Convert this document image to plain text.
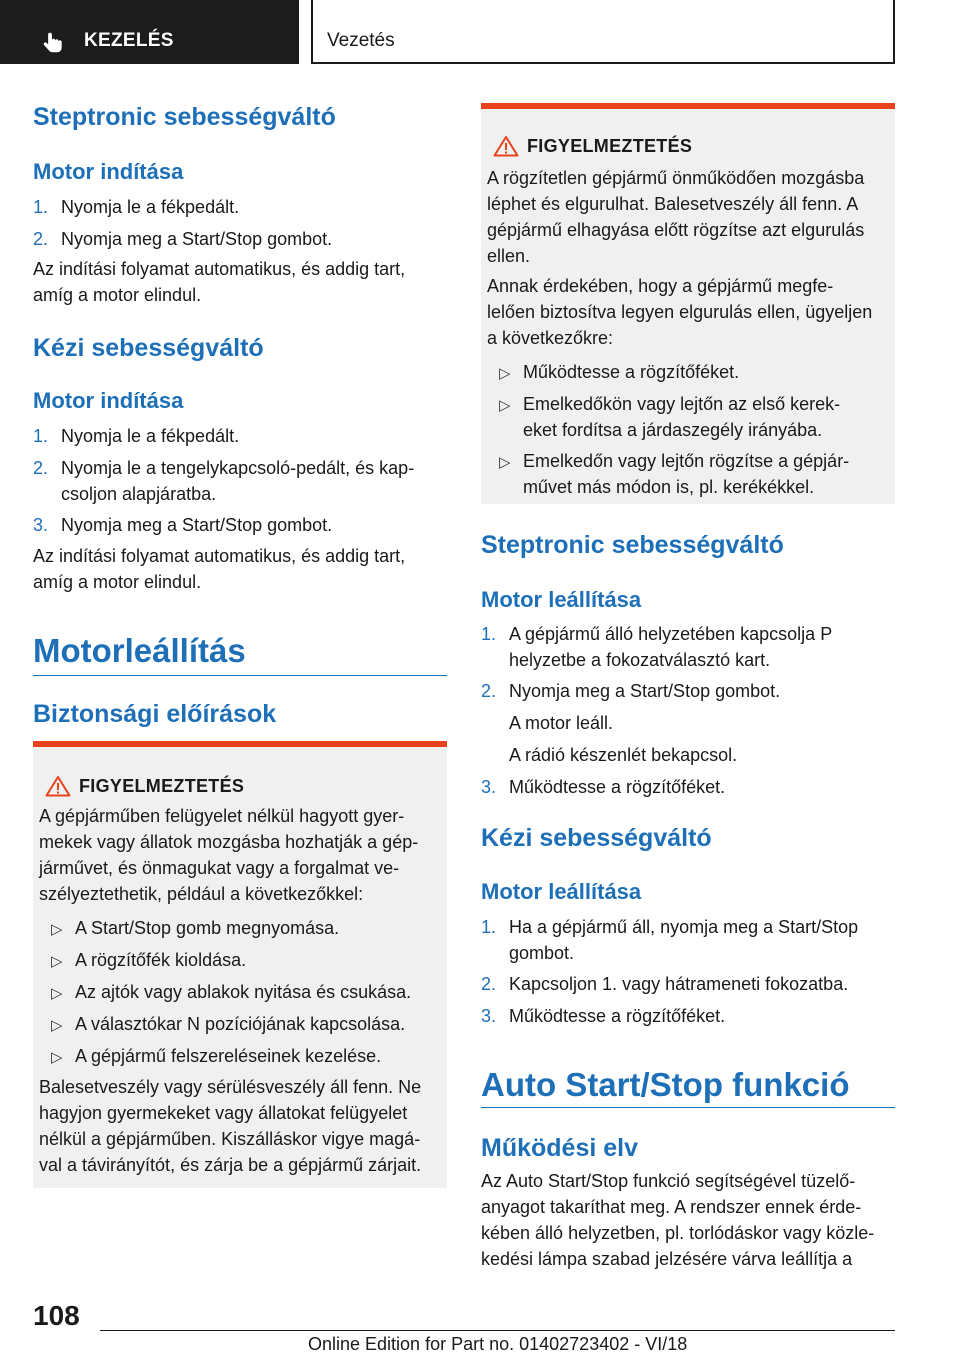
KEZELÉS	Vezetés
Steptronic sebességváltó
Motor indítása
1. Nyomja le a fékpedált.
2. Nyomja meg a Start/Stop gombot.
Az indítási folyamat automatikus, és addig tart,
amíg a motor elindul.
Kézi sebességváltó
Motor indítása
1. Nyomja le a fékpedált.
2. Nyomja le a tengelykapcsoló-pedált, és kap-
csoljon alapjáratba.
3. Nyomja meg a Start/Stop gombot.
Az indítási folyamat automatikus, és addig tart,
amíg a motor elindul.
Motorleállítás
Biztonsági előírások
FIGYELMEZTETÉS
A gépjárműben felügyelet nélkül hagyott gyer-
mekek vagy állatok mozgásba hozhatják a gép-
járművet, és önmagukat vagy a forgalmat ve-
szélyeztethetik, például a következőkkel:
▷ A Start/Stop gomb megnyomása.
▷ A rögzítőfék kioldása.
▷ Az ajtók vagy ablakok nyitása és csukása.
▷ A választókar N pozíciójának kapcsolása.
▷ A gépjármű felszereléseinek kezelése.
Balesetveszély vagy sérülésveszély áll fenn. Ne
hagyjon gyermekeket vagy állatokat felügyelet
nélkül a gépjárműben. Kiszálláskor vigye magá-
val a távirányítót, és zárja be a gépjármű zárjait.
FIGYELMEZTETÉS
A rögzítetlen gépjármű önműködően mozgásba
léphet és elgurulhat. Balesetveszély áll fenn. A
gépjármű elhagyása előtt rögzítse azt elgurulás
ellen.
Annak érdekében, hogy a gépjármű megfe-
lelően biztosítva legyen elgurulás ellen, ügyeljen
a következőkre:
▷ Működtesse a rögzítőféket.
▷ Emelkedőkön vagy lejtőn az első kerek-
eket fordítsa a járdaszegély irányába.
▷ Emelkedőn vagy lejtőn rögzítse a gépjár-
művet más módon is, pl. kerékékkel.
Steptronic sebességváltó
Motor leállítása
1. A gépjármű álló helyzetében kapcsolja P
helyzetbe a fokozatválasztó kart.
2. Nyomja meg a Start/Stop gombot.
A motor leáll.
A rádió készenlét bekapcsol.
3. Működtesse a rögzítőféket.
Kézi sebességváltó
Motor leállítása
1. Ha a gépjármű áll, nyomja meg a Start/Stop
gombot.
2. Kapcsoljon 1. vagy hátrameneti fokozatba.
3. Működtesse a rögzítőféket.
Auto Start/Stop funkció
Működési elv
Az Auto Start/Stop funkció segítségével tüzelő-
anyagot takaríthat meg. A rendszer ennek érde-
kében álló helyzetben, pl. torlódáskor vagy közle-
kedési lámpa szabad jelzésére várva leállítja a
108
Online Edition for Part no. 01402723402 - VI/18
